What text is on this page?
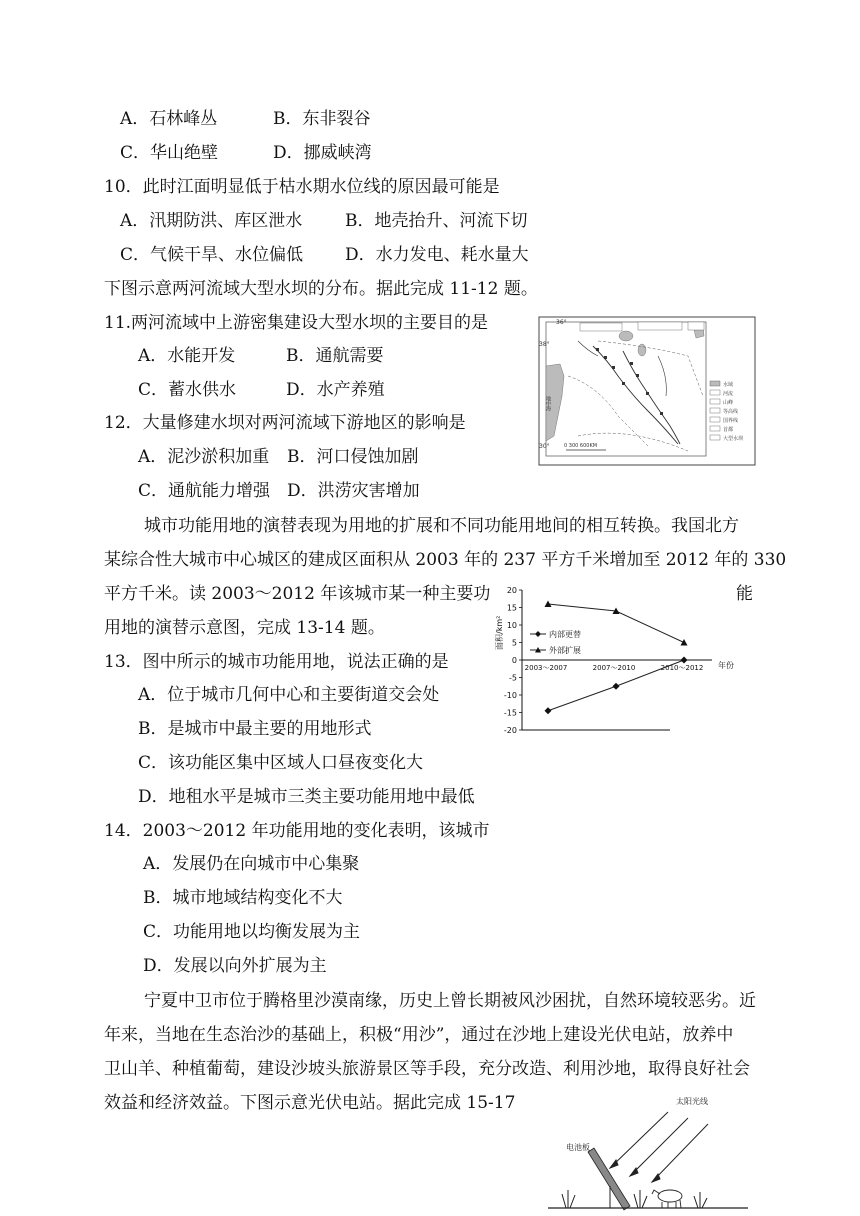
A．石林峰丛	B．东非裂谷
C．华山绝壁	D．挪威峡湾
10．此时江面明显低于枯水期水位线的原因最可能是
A．汛期防洪、库区泄水	B．地壳抬升、河流下切
C．气候干旱、水位偏低 D．水力发电、耗水量大
下图示意两河流域大型水坝的分布。据此完成 11-12 题。
11.两河流域中上游密集建设大型水坝的主要目的是
A．水能开发	B．通航需要
C．蓄水供水	D．水产养殖
12．大量修建水坝对两河流域下游地区的影响是
A．泥沙淤积加重 B．河口侵蚀加剧
C．通航能力增强 D．洪涝灾害增加
36°
38°
30°
地中海
0 300 600KM
水域
河流
山峰
等高线
国界线
首都
大型水坝
城市功能用地的演替表现为用地的扩展和不同功能用地间的相互转换。我国北方
某综合性大城市中心城区的建成区面积从 2003 年的 237 平方千米增加至 2012 年的 330
平方千米。读 2003～2012 年该城市某一种主要功	能
用地的演替示意图，完成 13-14 题。	面积/km²
20
15
10
5
0
-5
-10
-15
-20
2003～2007	2007～2010	2010～2012
内部更替
外部扩展
年份
13．图中所示的城市功能用地，说法正确的是
A．位于城市几何中心和主要街道交会处
B．是城市中最主要的用地形式
C．该功能区集中区域人口昼夜变化大
D．地租水平是城市三类主要功能用地中最低
14．2003～2012 年功能用地的变化表明，该城市
A．发展仍在向城市中心集聚
B．城市地域结构变化不大
C．功能用地以均衡发展为主
D．发展以向外扩展为主
宁夏中卫市位于腾格里沙漠南缘，历史上曾长期被风沙困扰，自然环境较恶劣。近
年来，当地在生态治沙的基础上，积极“用沙”，通过在沙地上建设光伏电站，放养中
卫山羊、种植葡萄，建设沙坡头旅游景区等手段，充分改造、利用沙地，取得良好社会
效益和经济效益。下图示意光伏电站。据此完成 15-17	太阳光线
电池板
